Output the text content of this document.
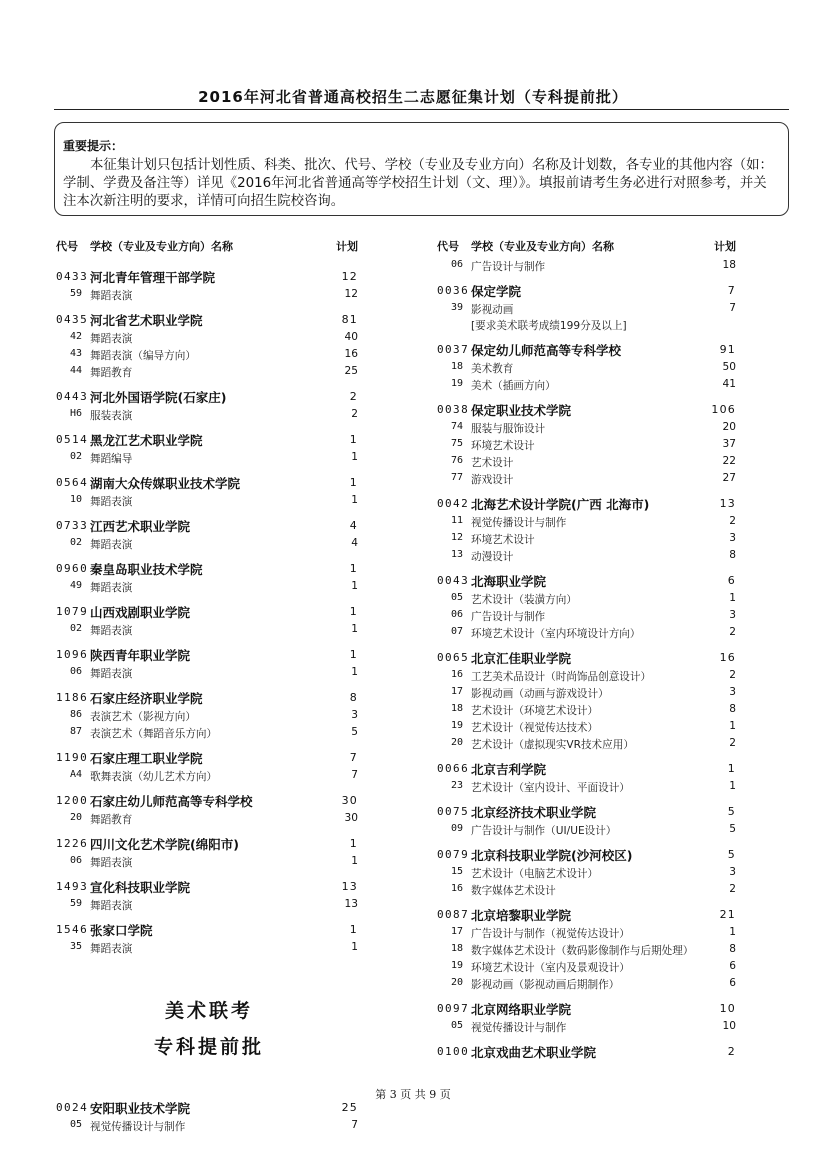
2016年河北省普通高校招生二志愿征集计划（专科提前批）
重要提示：
本征集计划只包括计划性质、科类、批次、代号、学校（专业及专业方向）名称及计划数，各专业的其他内容（如：学制、学费及备注等）详见《2016年河北省普通高等学校招生计划（文、理）》。填报前请考生务必进行对照参考，并关注本次新注明的要求，详情可向招生院校咨询。
代号 学校（专业及专业方向）名称	计划
0433 河北青年管理干部学院	12
59 舞蹈表演	12
0435 河北省艺术职业学院	81
42 舞蹈表演	40
43 舞蹈表演（编导方向）	16
44 舞蹈教育	25
0443 河北外国语学院(石家庄)	2
H6 服装表演	2
0514 黑龙江艺术职业学院	1
02 舞蹈编导	1
0564 湖南大众传媒职业技术学院	1
10 舞蹈表演	1
0733 江西艺术职业学院	4
02 舞蹈表演	4
0960 秦皇岛职业技术学院	1
49 舞蹈表演	1
1079 山西戏剧职业学院	1
02 舞蹈表演	1
1096 陕西青年职业学院	1
06 舞蹈表演	1
1186 石家庄经济职业学院	8
86 表演艺术（影视方向）	3
87 表演艺术（舞蹈音乐方向）	5
1190 石家庄理工职业学院	7
A4 歌舞表演（幼儿艺术方向）	7
1200 石家庄幼儿师范高等专科学校	30
20 舞蹈教育	30
1226 四川文化艺术学院(绵阳市)	1
06 舞蹈表演	1
1493 宣化科技职业学院	13
59 舞蹈表演	13
1546 张家口学院	1
35 舞蹈表演	1
美术联考
专科提前批
0024 安阳职业技术学院	25
05 视觉传播设计与制作	7
代号 学校（专业及专业方向）名称	计划
06 广告设计与制作	18
0036 保定学院	7
39 影视动画	7
[要求美术联考成绩199分及以上]
0037 保定幼儿师范高等专科学校	91
18 美术教育	50
19 美术（插画方向）	41
0038 保定职业技术学院	106
74 服装与服饰设计	20
75 环境艺术设计	37
76 艺术设计	22
77 游戏设计	27
0042 北海艺术设计学院(广西 北海市)	13
11 视觉传播设计与制作	2
12 环境艺术设计	3
13 动漫设计	8
0043 北海职业学院	6
05 艺术设计（装潢方向）	1
06 广告设计与制作	3
07 环境艺术设计（室内环境设计方向）	2
0065 北京汇佳职业学院	16
16 工艺美术品设计（时尚饰品创意设计）	2
17 影视动画（动画与游戏设计）	3
18 艺术设计（环境艺术设计）	8
19 艺术设计（视觉传达技术）	1
20 艺术设计（虚拟现实VR技术应用）	2
0066 北京吉利学院	1
23 艺术设计（室内设计、平面设计）	1
0075 北京经济技术职业学院	5
09 广告设计与制作（UI/UE设计）	5
0079 北京科技职业学院(沙河校区)	5
15 艺术设计（电脑艺术设计）	3
16 数字媒体艺术设计	2
0087 北京培黎职业学院	21
17 广告设计与制作（视觉传达设计）	1
18 数字媒体艺术设计（数码影像制作与后期处理）	8
19 环境艺术设计（室内及景观设计）	6
20 影视动画（影视动画后期制作）	6
0097 北京网络职业学院	10
05 视觉传播设计与制作	10
0100 北京戏曲艺术职业学院	2
第 3 页 共 9 页
